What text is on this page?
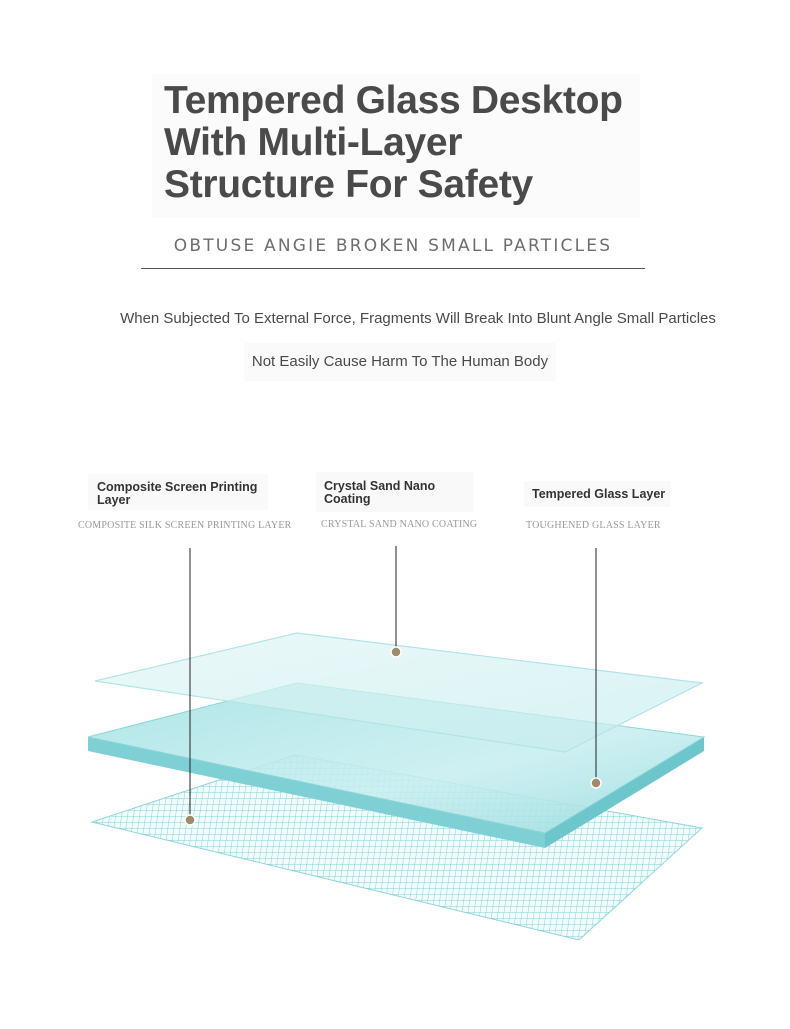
Tempered Glass Desktop
With Multi-Layer
Structure For Safety
OBTUSE ANGIE BROKEN SMALL PARTICLES
When Subjected To External Force, Fragments Will Break Into Blunt Angle Small Particles
Not Easily Cause Harm To The Human Body
Composite Screen Printing
Layer
COMPOSITE SILK SCREEN PRINTING LAYER
Crystal Sand Nano
Coating
CRYSTAL SAND NANO COATING
Tempered Glass Layer
TOUGHENED GLASS LAYER
